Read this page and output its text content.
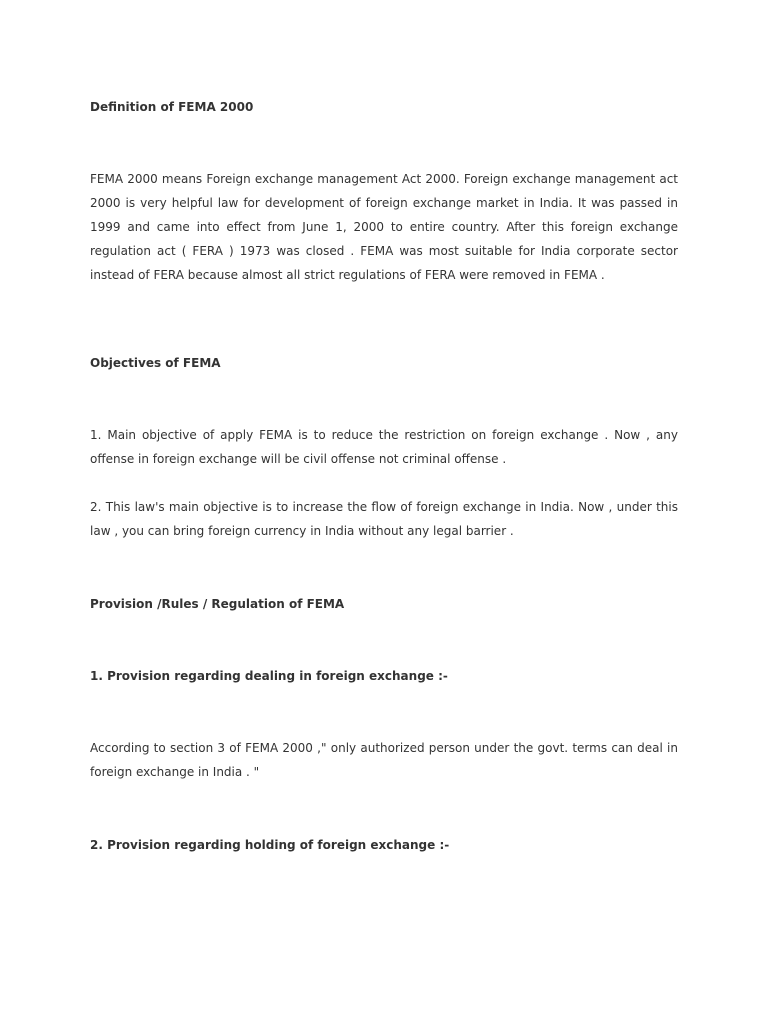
Definition of FEMA 2000
FEMA 2000 means Foreign exchange management Act 2000. Foreign exchange management act
2000 is very helpful law for development of foreign exchange market in India. It was passed in
1999 and came into effect from June 1, 2000 to entire country. After this foreign exchange
regulation act ( FERA ) 1973 was closed . FEMA was most suitable for India corporate sector
instead of FERA because almost all strict regulations of FERA were removed in FEMA .
Objectives of FEMA
1. Main objective of apply FEMA is to reduce the restriction on foreign exchange . Now , any
offense in foreign exchange will be civil offense not criminal offense .
2. This law's main objective is to increase the flow of foreign exchange in India. Now , under this
law , you can bring foreign currency in India without any legal barrier .
Provision /Rules / Regulation of FEMA
1. Provision regarding dealing in foreign exchange :-
According to section 3 of FEMA 2000 ," only authorized person under the govt. terms can deal in
foreign exchange in India . "
2. Provision regarding holding of foreign exchange :-
